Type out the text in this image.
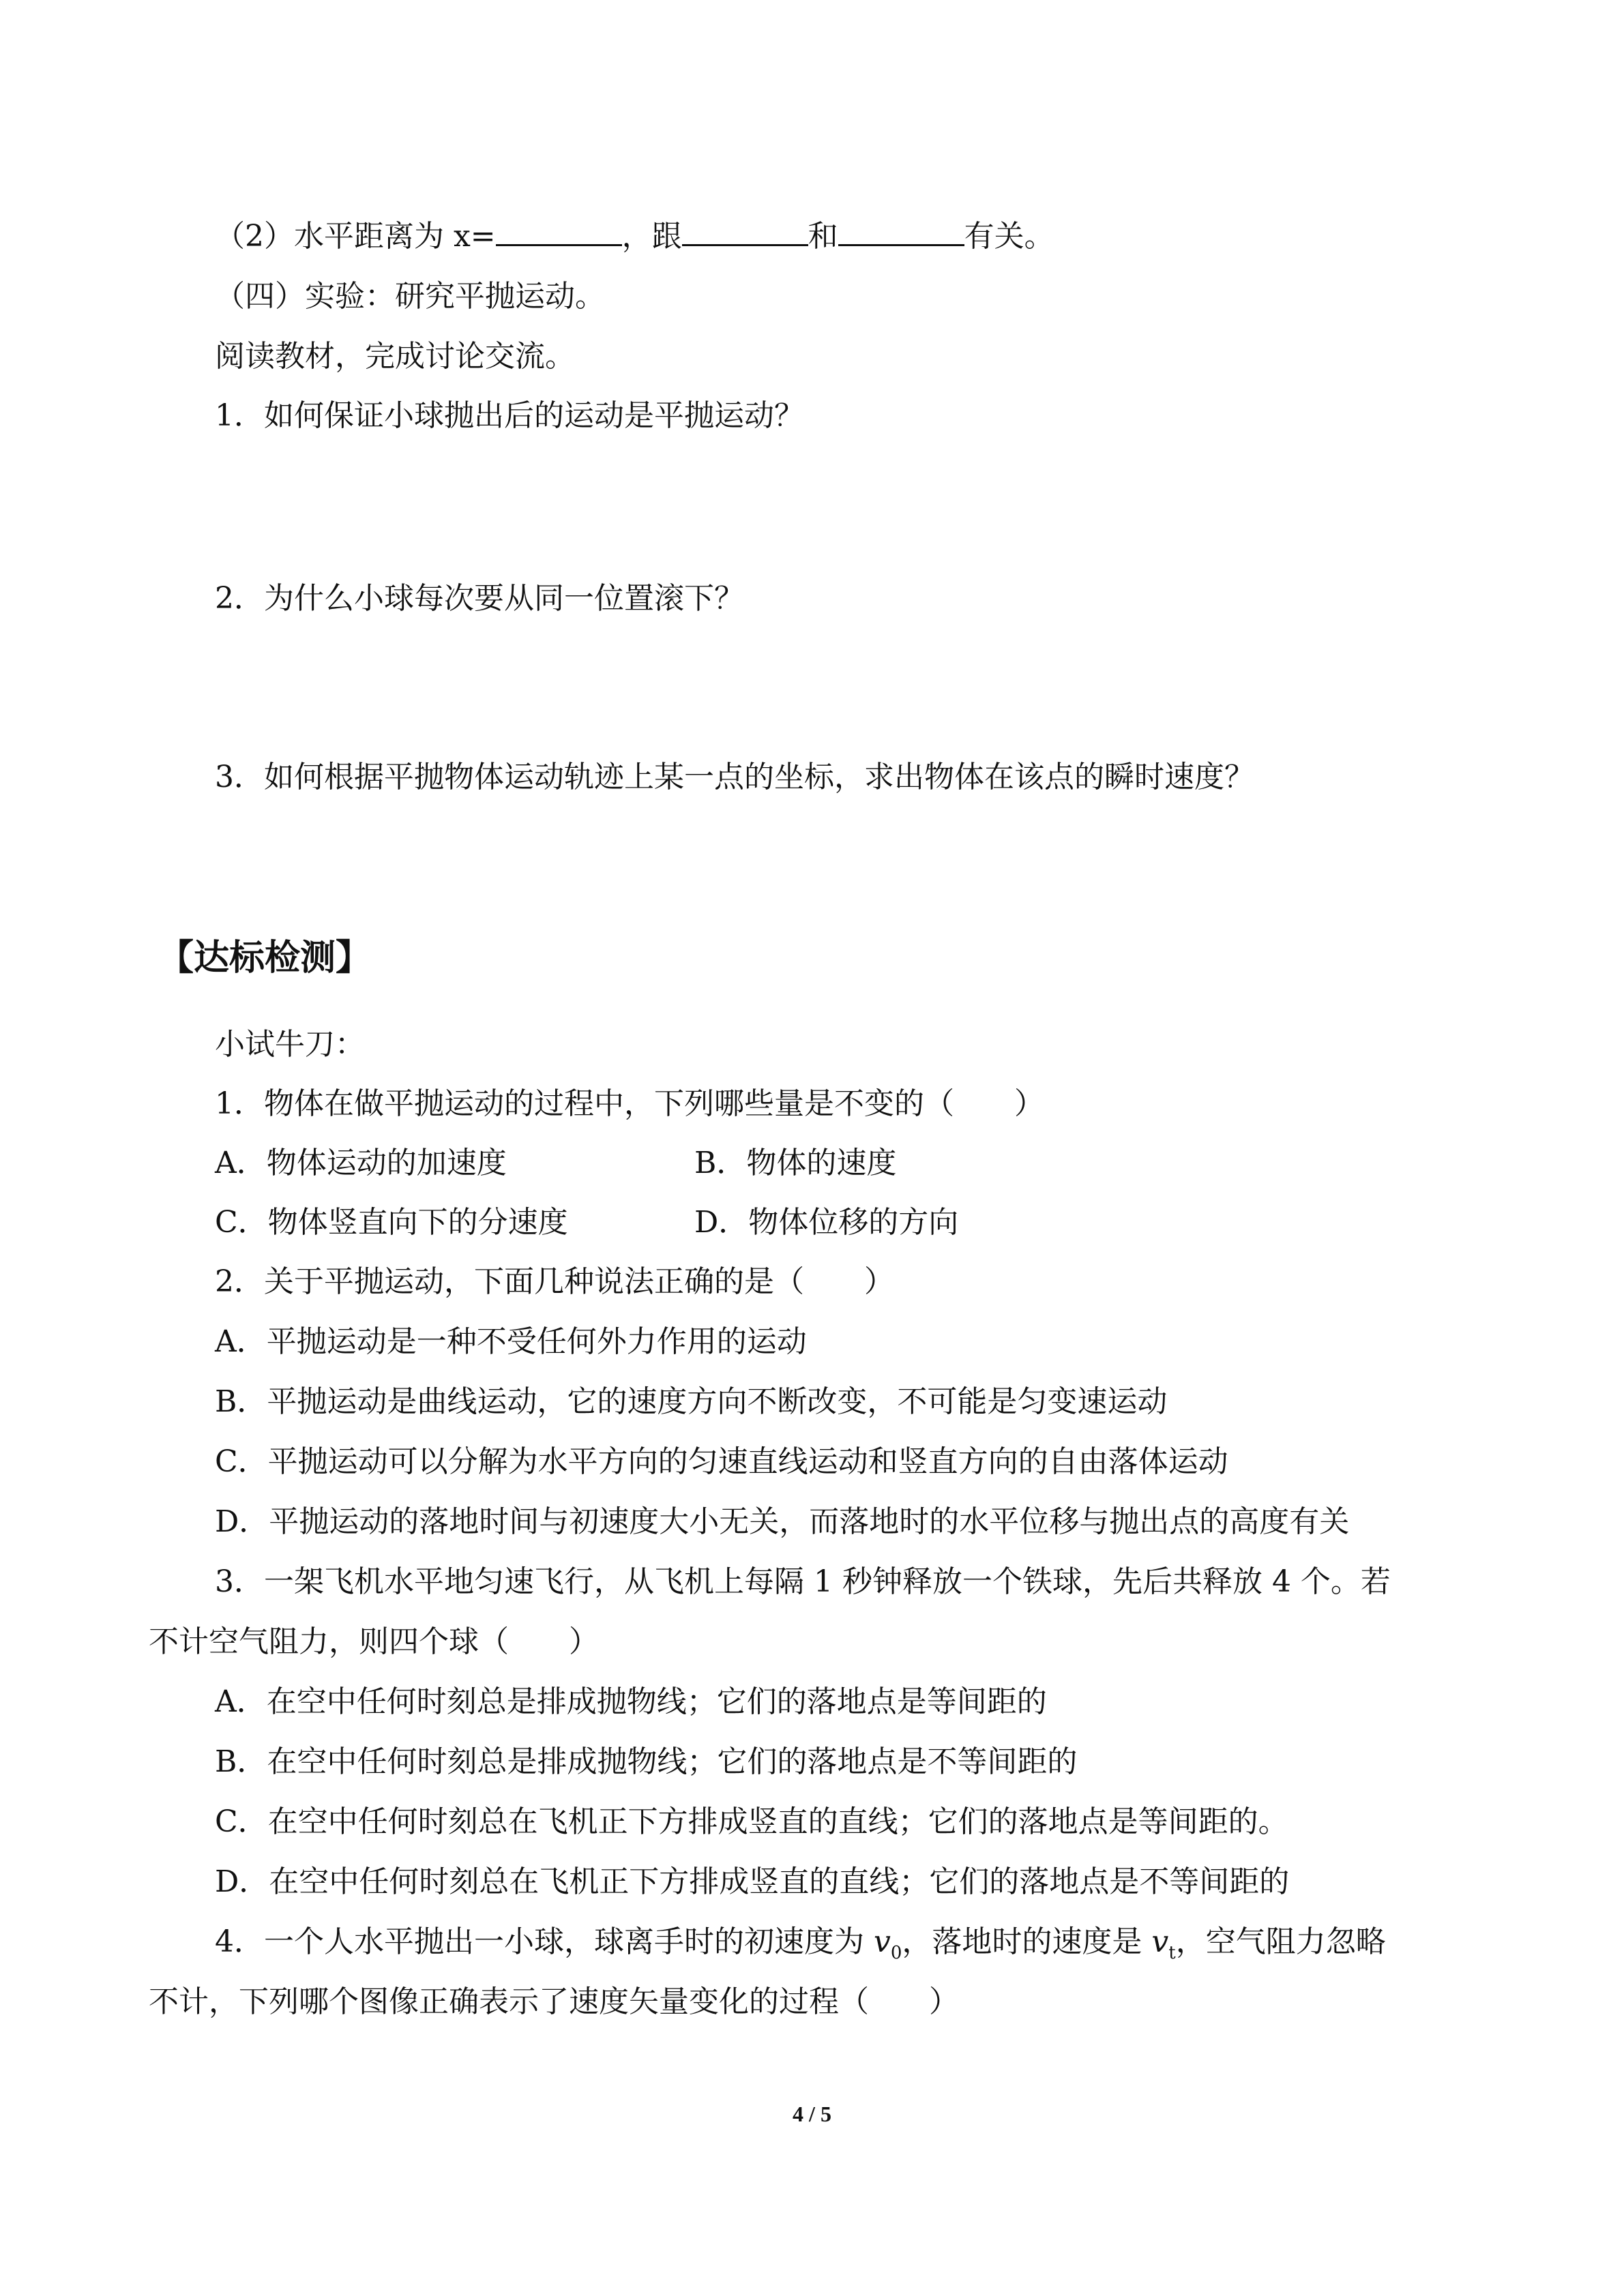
（2）水平距离为 x=	，跟	和	有关。
（四）实验：研究平抛运动。
阅读教材，完成讨论交流。
1．如何保证小球抛出后的运动是平抛运动？
2．为什么小球每次要从同一位置滚下？
3．如何根据平抛物体运动轨迹上某一点的坐标，求出物体在该点的瞬时速度？
【达标检测】
小试牛刀：
1．物体在做平抛运动的过程中，下列哪些量是不变的（　　）
A．物体运动的加速度	B．物体的速度
C．物体竖直向下的分速度	D．物体位移的方向
2．关于平抛运动，下面几种说法正确的是（　　）
A．平抛运动是一种不受任何外力作用的运动
B．平抛运动是曲线运动，它的速度方向不断改变，不可能是匀变速运动
C．平抛运动可以分解为水平方向的匀速直线运动和竖直方向的自由落体运动
D．平抛运动的落地时间与初速度大小无关，而落地时的水平位移与抛出点的高度有关
3．一架飞机水平地匀速飞行，从飞机上每隔 1 秒钟释放一个铁球，先后共释放 4 个。若
不计空气阻力，则四个球（　　）
A．在空中任何时刻总是排成抛物线；它们的落地点是等间距的
B．在空中任何时刻总是排成抛物线；它们的落地点是不等间距的
C．在空中任何时刻总在飞机正下方排成竖直的直线；它们的落地点是等间距的。
D．在空中任何时刻总在飞机正下方排成竖直的直线；它们的落地点是不等间距的
4．一个人水平抛出一小球，球离手时的初速度为 $v_0$，落地时的速度是 $v_t$，空气阻力忽略
不计，下列哪个图像正确表示了速度矢量变化的过程（　　）
4 / 5
